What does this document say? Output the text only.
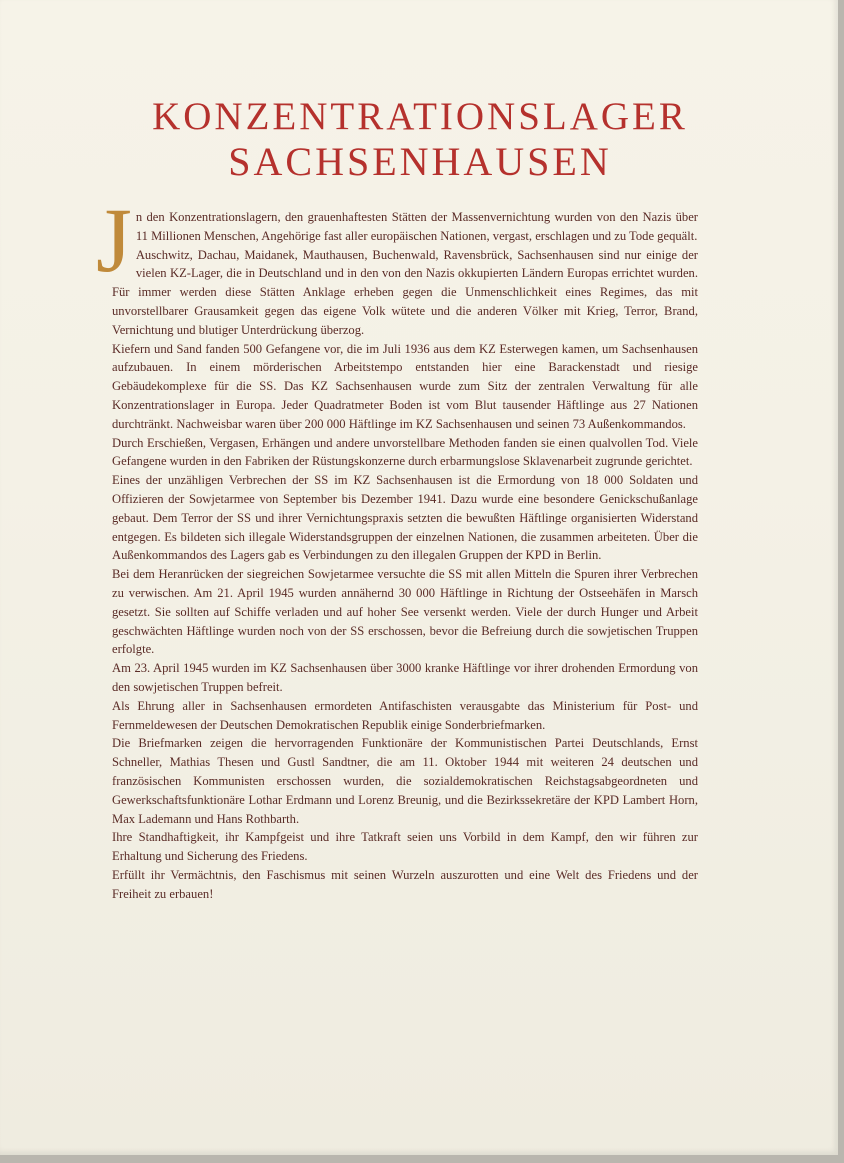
KONZENTRATIONSLAGER
SACHSENHAUSEN

Jn den Konzentrationslagern, den grauenhaftesten Stätten der Massenvernichtung wurden von den Nazis über 11 Millionen Menschen, Angehörige fast aller europäischen Nationen, vergast, erschlagen und zu Tode gequält.

Auschwitz, Dachau, Maidanek, Mauthausen, Buchenwald, Ravensbrück, Sachsenhausen sind nur einige der vielen KZ-Lager, die in Deutschland und in den von den Nazis okkupierten Ländern Europas errichtet wurden. Für immer werden diese Stätten Anklage erheben gegen die Unmenschlichkeit eines Regimes, das mit unvorstellbarer Grausamkeit gegen das eigene Volk wütete und die anderen Völker mit Krieg, Terror, Brand, Vernichtung und blutiger Unterdrückung überzog.

Kiefern und Sand fanden 500 Gefangene vor, die im Juli 1936 aus dem KZ Esterwegen kamen, um Sachsenhausen aufzubauen. In einem mörderischen Arbeitstempo entstanden hier eine Barackenstadt und riesige Gebäudekomplexe für die SS. Das KZ Sachsenhausen wurde zum Sitz der zentralen Verwaltung für alle Konzentrationslager in Europa. Jeder Quadratmeter Boden ist vom Blut tausender Häftlinge aus 27 Nationen durchtränkt. Nachweisbar waren über 200 000 Häftlinge im KZ Sachsenhausen und seinen 73 Außenkommandos.

Durch Erschießen, Vergasen, Erhängen und andere unvorstellbare Methoden fanden sie einen qualvollen Tod. Viele Gefangene wurden in den Fabriken der Rüstungskonzerne durch erbarmungslose Sklavenarbeit zugrunde gerichtet.

Eines der unzähligen Verbrechen der SS im KZ Sachsenhausen ist die Ermordung von 18 000 Soldaten und Offizieren der Sowjetarmee von September bis Dezember 1941. Dazu wurde eine besondere Genickschußanlage gebaut. Dem Terror der SS und ihrer Vernichtungspraxis setzten die bewußten Häftlinge organisierten Widerstand entgegen. Es bildeten sich illegale Widerstandsgruppen der einzelnen Nationen, die zusammen arbeiteten. Über die Außenkommandos des Lagers gab es Verbindungen zu den illegalen Gruppen der KPD in Berlin.

Bei dem Heranrücken der siegreichen Sowjetarmee versuchte die SS mit allen Mitteln die Spuren ihrer Verbrechen zu verwischen. Am 21. April 1945 wurden annähernd 30 000 Häftlinge in Richtung der Ostseehäfen in Marsch gesetzt. Sie sollten auf Schiffe verladen und auf hoher See versenkt werden. Viele der durch Hunger und Arbeit geschwächten Häftlinge wurden noch von der SS erschossen, bevor die Befreiung durch die sowjetischen Truppen erfolgte.

Am 23. April 1945 wurden im KZ Sachsenhausen über 3000 kranke Häftlinge vor ihrer drohenden Ermordung von den sowjetischen Truppen befreit.

Als Ehrung aller in Sachsenhausen ermordeten Antifaschisten verausgabte das Ministerium für Post- und Fernmeldewesen der Deutschen Demokratischen Republik einige Sonderbriefmarken.

Die Briefmarken zeigen die hervorragenden Funktionäre der Kommunistischen Partei Deutschlands, Ernst Schneller, Mathias Thesen und Gustl Sandtner, die am 11. Oktober 1944 mit weiteren 24 deutschen und französischen Kommunisten erschossen wurden, die sozialdemokratischen Reichstagsabgeordneten und Gewerkschaftsfunktionäre Lothar Erdmann und Lorenz Breunig, und die Bezirkssekretäre der KPD Lambert Horn, Max Lademann und Hans Rothbarth.

Ihre Standhaftigkeit, ihr Kampfgeist und ihre Tatkraft seien uns Vorbild in dem Kampf, den wir führen zur Erhaltung und Sicherung des Friedens.

Erfüllt ihr Vermächtnis, den Faschismus mit seinen Wurzeln auszurotten und eine Welt des Friedens und der Freiheit zu erbauen!
